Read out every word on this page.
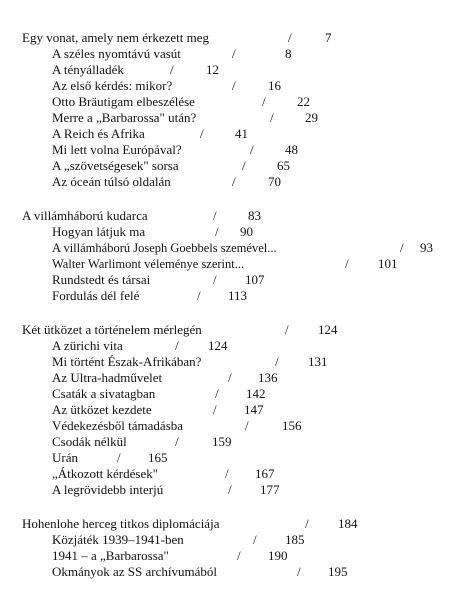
Egy vonat, amely nem érkezett meg	/	7
A széles nyomtávú vasút	/	8
A tényálladék	/ 12
Az első kérdés: mikor?	/ 16
Otto Bräutigam elbeszélése	/ 22
Merre a „Barbarossa" után?	/ 29
A Reich és Afrika	/ 41
Mi lett volna Európával?	/ 48
A „szövetségesek" sorsa	/ 65
Az óceán túlsó oldalán	/ 70
A villámháború kudarca	/ 83
Hogyan látjuk ma	/ 90
A villámháború Joseph Goebbels szemével...	/ 93
Walter Warlimont véleménye szerint...	/ 101
Rundstedt és társai	/ 107
Fordulás dél felé	/ 113
Két ütközet a történelem mérlegén	/ 124
A zürichi vita	/ 124
Mi történt Észak-Afrikában?	/ 131
Az Ultra-hadművelet	/ 136
Csaták a sivatagban	/ 142
Az ütközet kezdete	/ 147
Védekezésből támadásba	/	156
Csodák nélkül	/	159
Urán	/ 165
„Átkozott kérdések"	/ 167
A legrövidebb interjú	/ 177
Hohenlohe herceg titkos diplomáciája	/ 184
Közjáték 1939–1941-ben	/ 185
1941 – a „Barbarossa"	/ 190
Okmányok az SS archívumából	/ 195
